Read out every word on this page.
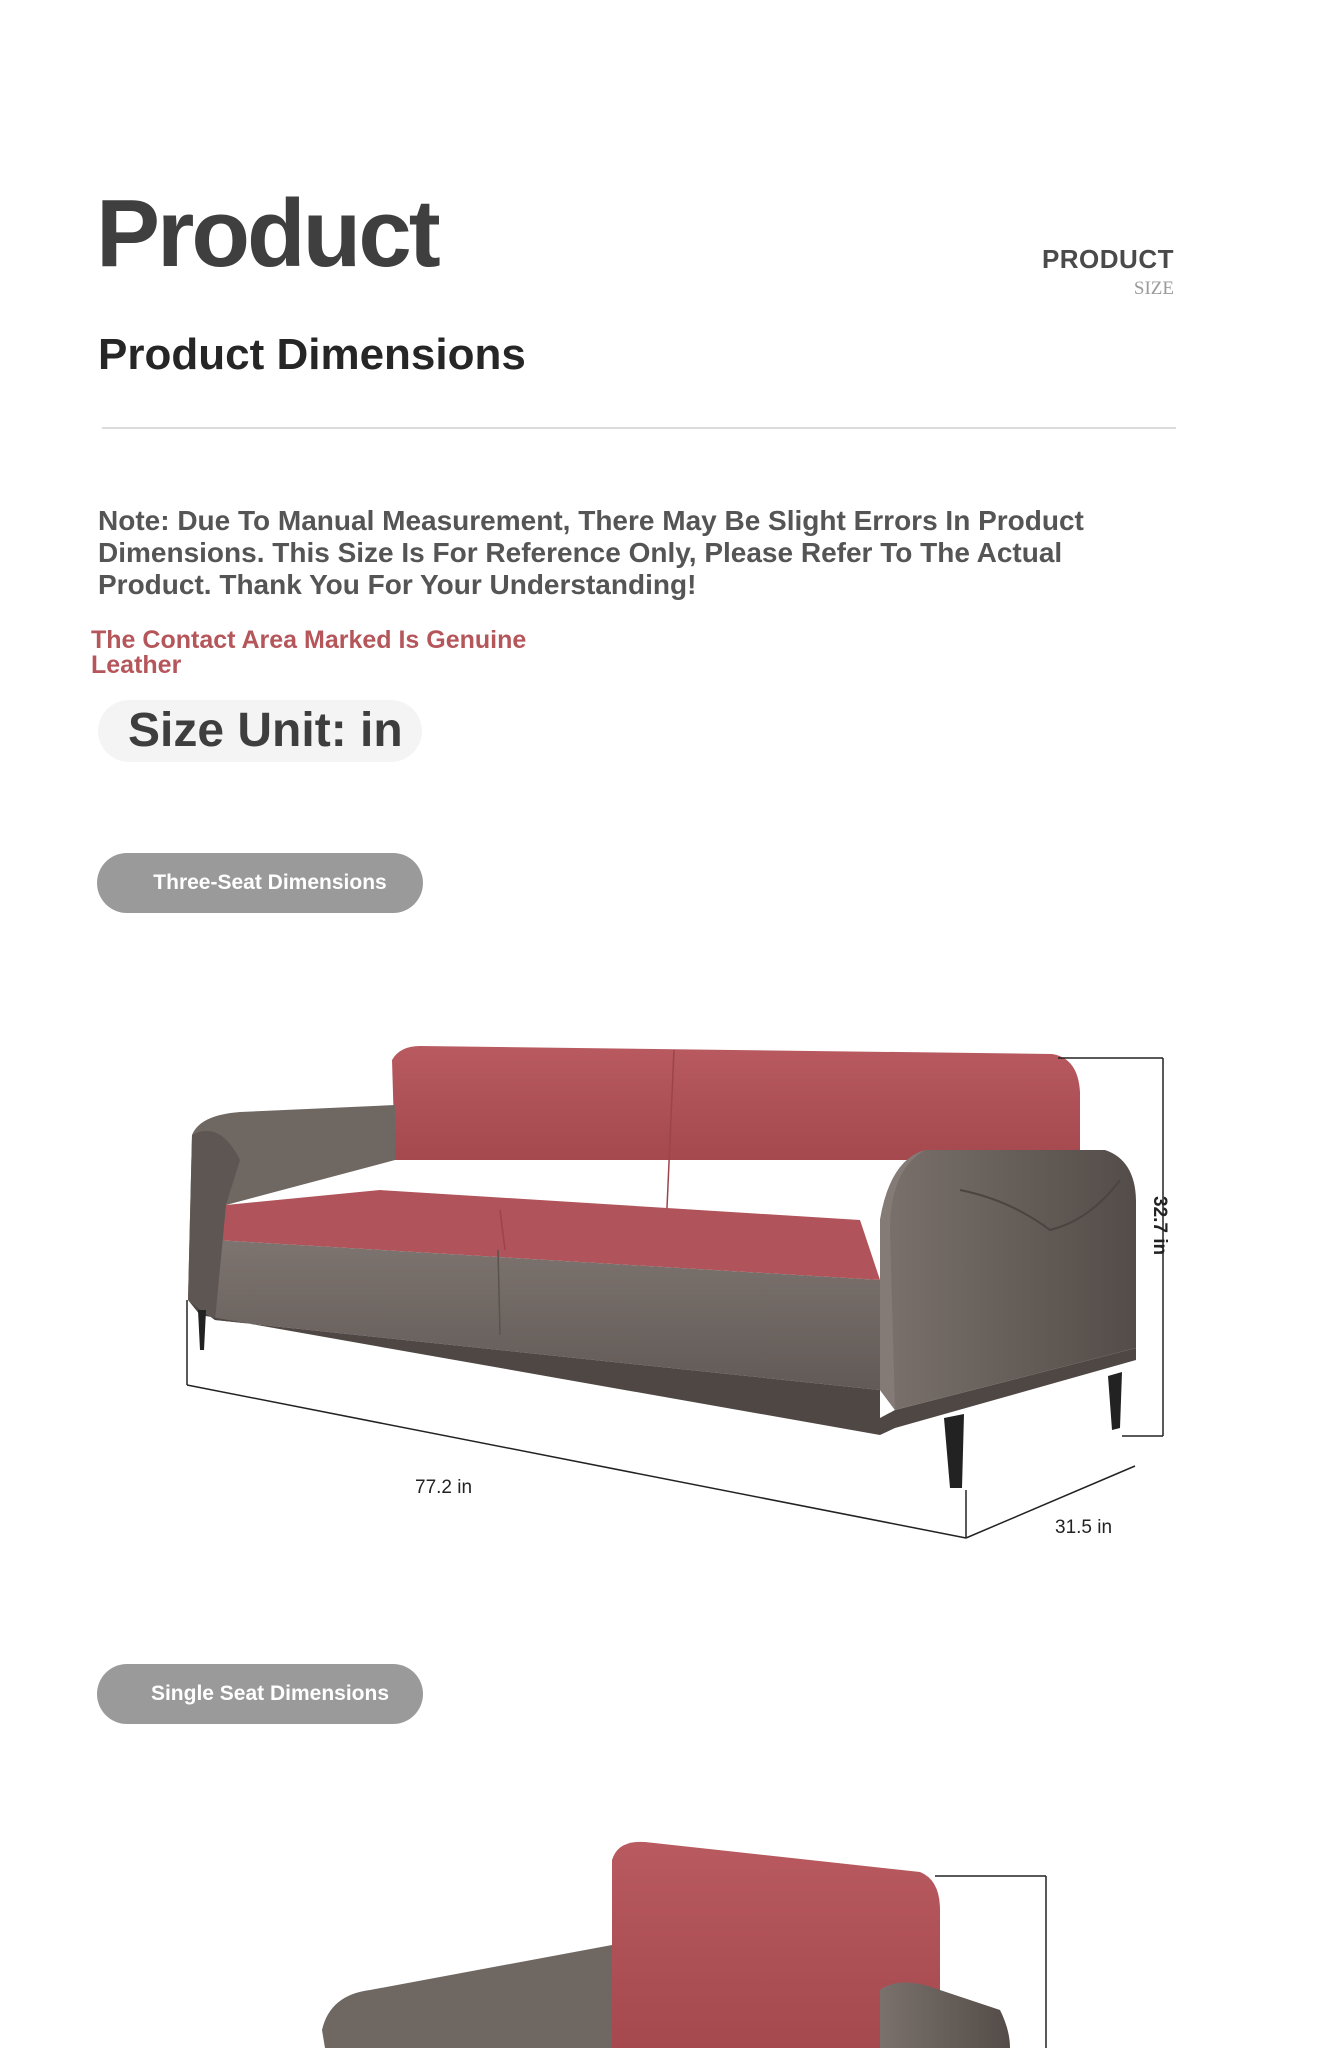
Product	PRODUCT
SIZE
Product Dimensions
Note: Due To Manual Measurement, There May Be Slight Errors In Product Dimensions. This Size Is For Reference Only, Please Refer To The Actual Product. Thank You For Your Understanding!
The Contact Area Marked Is Genuine Leather
Size Unit: in
Three-Seat Dimensions
77.2 in
31.5 in
32.7 in
Single Seat Dimensions
